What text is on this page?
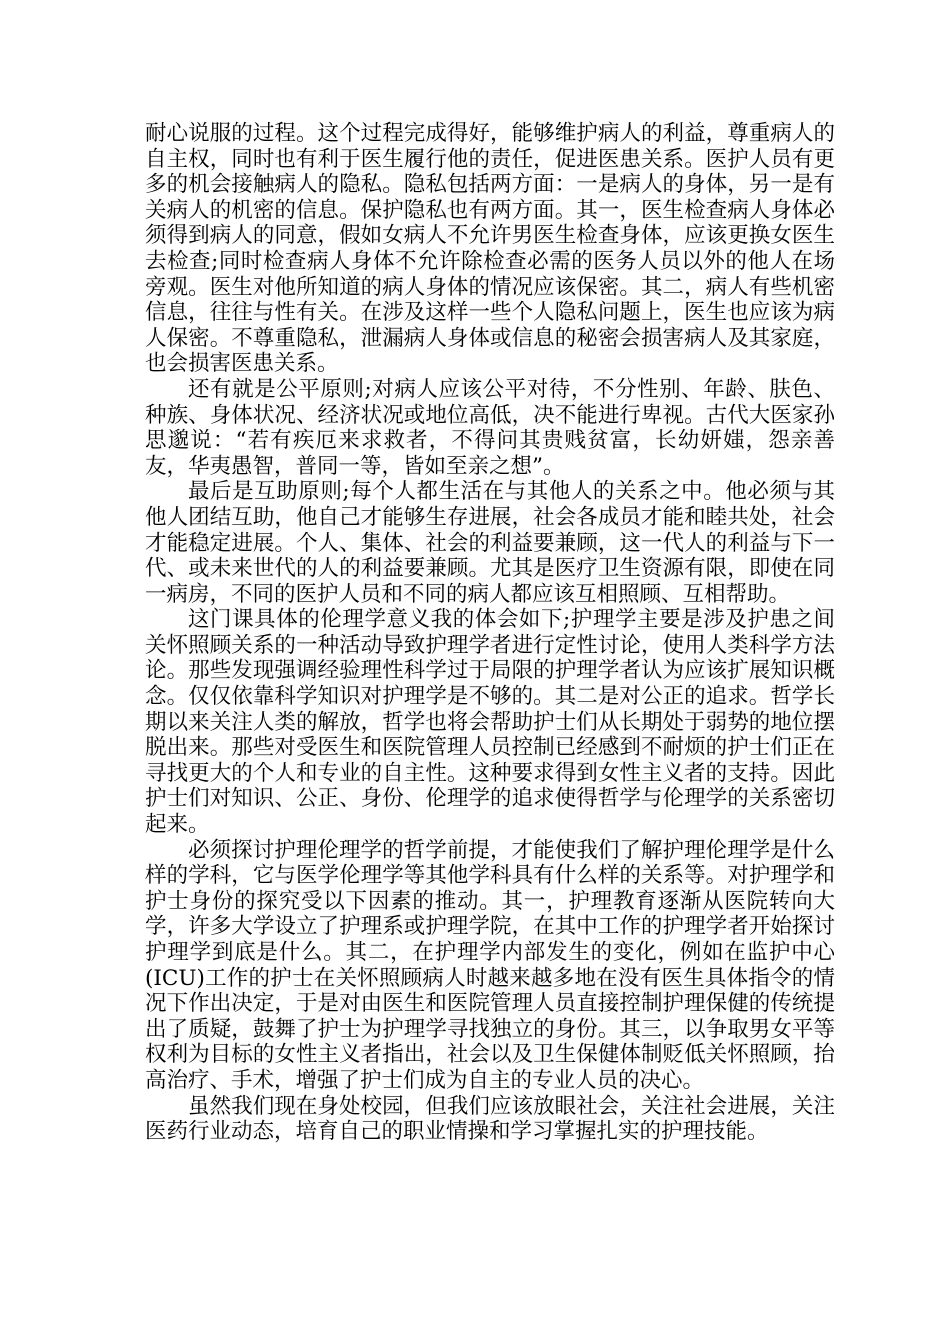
耐心说服的过程。这个过程完成得好，能够维护病人的利益，尊重病人的自主权，同时也有利于医生履行他的责任，促进医患关系。医护人员有更多的机会接触病人的隐私。隐私包括两方面：一是病人的身体，另一是有关病人的机密的信息。保护隐私也有两方面。其一，医生检查病人身体必须得到病人的同意，假如女病人不允许男医生检查身体，应该更换女医生去检查;同时检查病人身体不允许除检查必需的医务人员以外的他人在场旁观。医生对他所知道的病人身体的情况应该保密。其二，病人有些机密信息，往往与性有关。在涉及这样一些个人隐私问题上，医生也应该为病人保密。不尊重隐私，泄漏病人身体或信息的秘密会损害病人及其家庭，也会损害医患关系。

还有就是公平原则;对病人应该公平对待，不分性别、年龄、肤色、种族、身体状况、经济状况或地位高低，决不能进行卑视。古代大医家孙思邈说：“若有疾厄来求救者，不得问其贵贱贫富，长幼妍媸，怨亲善友，华夷愚智，普同一等，皆如至亲之想”。

最后是互助原则;每个人都生活在与其他人的关系之中。他必须与其他人团结互助，他自己才能够生存进展，社会各成员才能和睦共处，社会才能稳定进展。个人、集体、社会的利益要兼顾，这一代人的利益与下一代、或未来世代的人的利益要兼顾。尤其是医疗卫生资源有限，即使在同一病房，不同的医护人员和不同的病人都应该互相照顾、互相帮助。

这门课具体的伦理学意义我的体会如下;护理学主要是涉及护患之间关怀照顾关系的一种活动导致护理学者进行定性讨论，使用人类科学方法论。那些发现强调经验理性科学过于局限的护理学者认为应该扩展知识概念。仅仅依靠科学知识对护理学是不够的。其二是对公正的追求。哲学长期以来关注人类的解放，哲学也将会帮助护士们从长期处于弱势的地位摆脱出来。那些对受医生和医院管理人员控制已经感到不耐烦的护士们正在寻找更大的个人和专业的自主性。这种要求得到女性主义者的支持。因此护士们对知识、公正、身份、伦理学的追求使得哲学与伦理学的关系密切起来。

必须探讨护理伦理学的哲学前提，才能使我们了解护理伦理学是什么样的学科，它与医学伦理学等其他学科具有什么样的关系等。对护理学和护士身份的探究受以下因素的推动。其一，护理教育逐渐从医院转向大学，许多大学设立了护理系或护理学院，在其中工作的护理学者开始探讨护理学到底是什么。其二，在护理学内部发生的变化，例如在监护中心(ICU)工作的护士在关怀照顾病人时越来越多地在没有医生具体指令的情况下作出决定，于是对由医生和医院管理人员直接控制护理保健的传统提出了质疑，鼓舞了护士为护理学寻找独立的身份。其三，以争取男女平等权利为目标的女性主义者指出，社会以及卫生保健体制贬低关怀照顾，抬高治疗、手术，增强了护士们成为自主的专业人员的决心。

虽然我们现在身处校园，但我们应该放眼社会，关注社会进展，关注医药行业动态，培育自己的职业情操和学习掌握扎实的护理技能。
